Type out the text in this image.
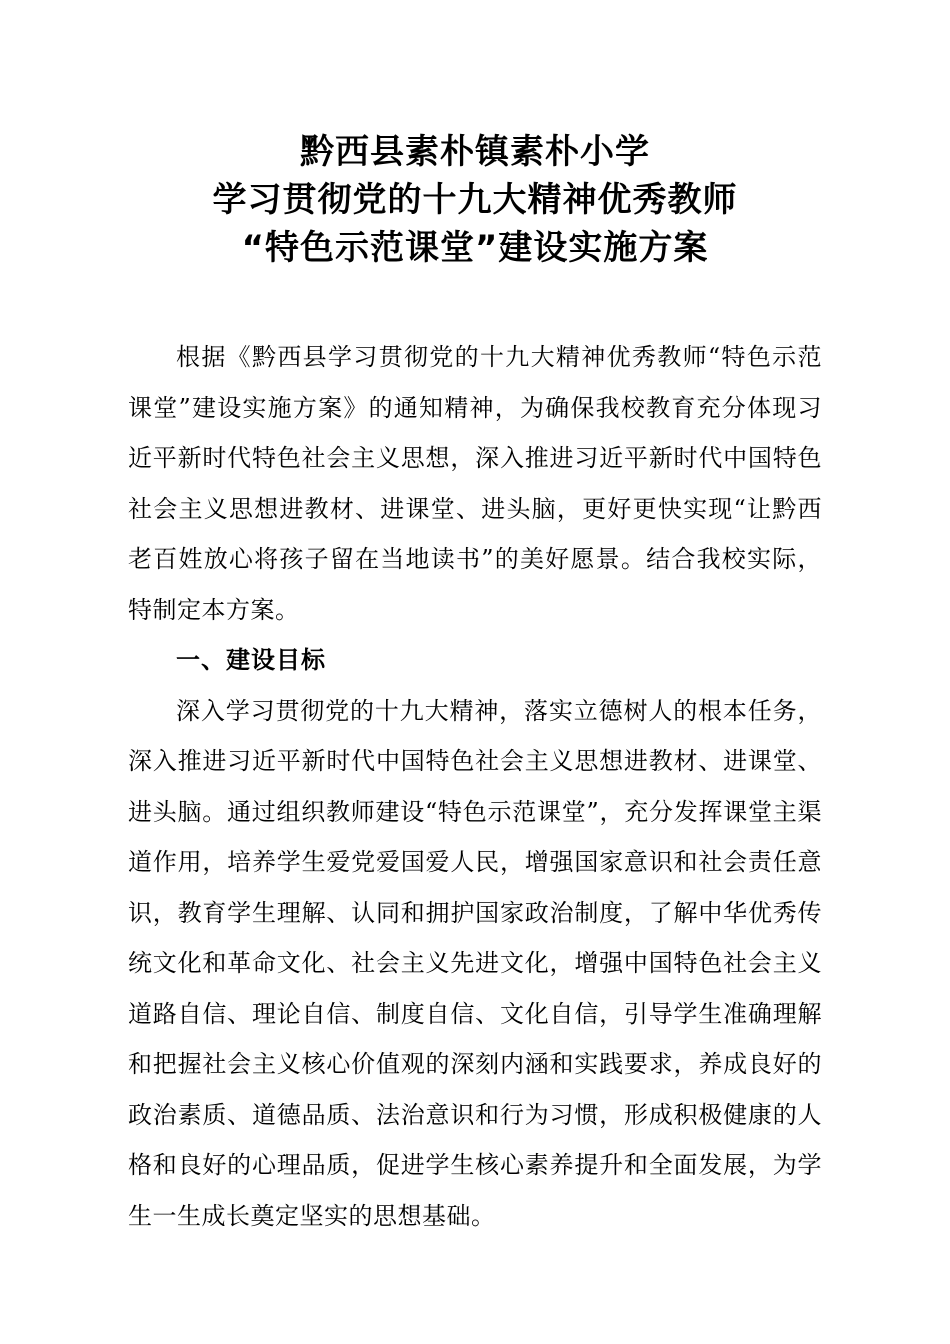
黔西县素朴镇素朴小学
学习贯彻党的十九大精神优秀教师
“特色示范课堂”建设实施方案

根据《黔西县学习贯彻党的十九大精神优秀教师“特色示范课堂”建设实施方案》的通知精神，为确保我校教育充分体现习近平新时代特色社会主义思想，深入推进习近平新时代中国特色社会主义思想进教材、进课堂、进头脑，更好更快实现“让黔西老百姓放心将孩子留在当地读书”的美好愿景。结合我校实际，特制定本方案。

一、建设目标

深入学习贯彻党的十九大精神，落实立德树人的根本任务，深入推进习近平新时代中国特色社会主义思想进教材、进课堂、进头脑。通过组织教师建设“特色示范课堂”，充分发挥课堂主渠道作用，培养学生爱党爱国爱人民，增强国家意识和社会责任意识，教育学生理解、认同和拥护国家政治制度，了解中华优秀传统文化和革命文化、社会主义先进文化，增强中国特色社会主义道路自信、理论自信、制度自信、文化自信，引导学生准确理解和把握社会主义核心价值观的深刻内涵和实践要求，养成良好的政治素质、道德品质、法治意识和行为习惯，形成积极健康的人格和良好的心理品质，促进学生核心素养提升和全面发展，为学生一生成长奠定坚实的思想基础。
